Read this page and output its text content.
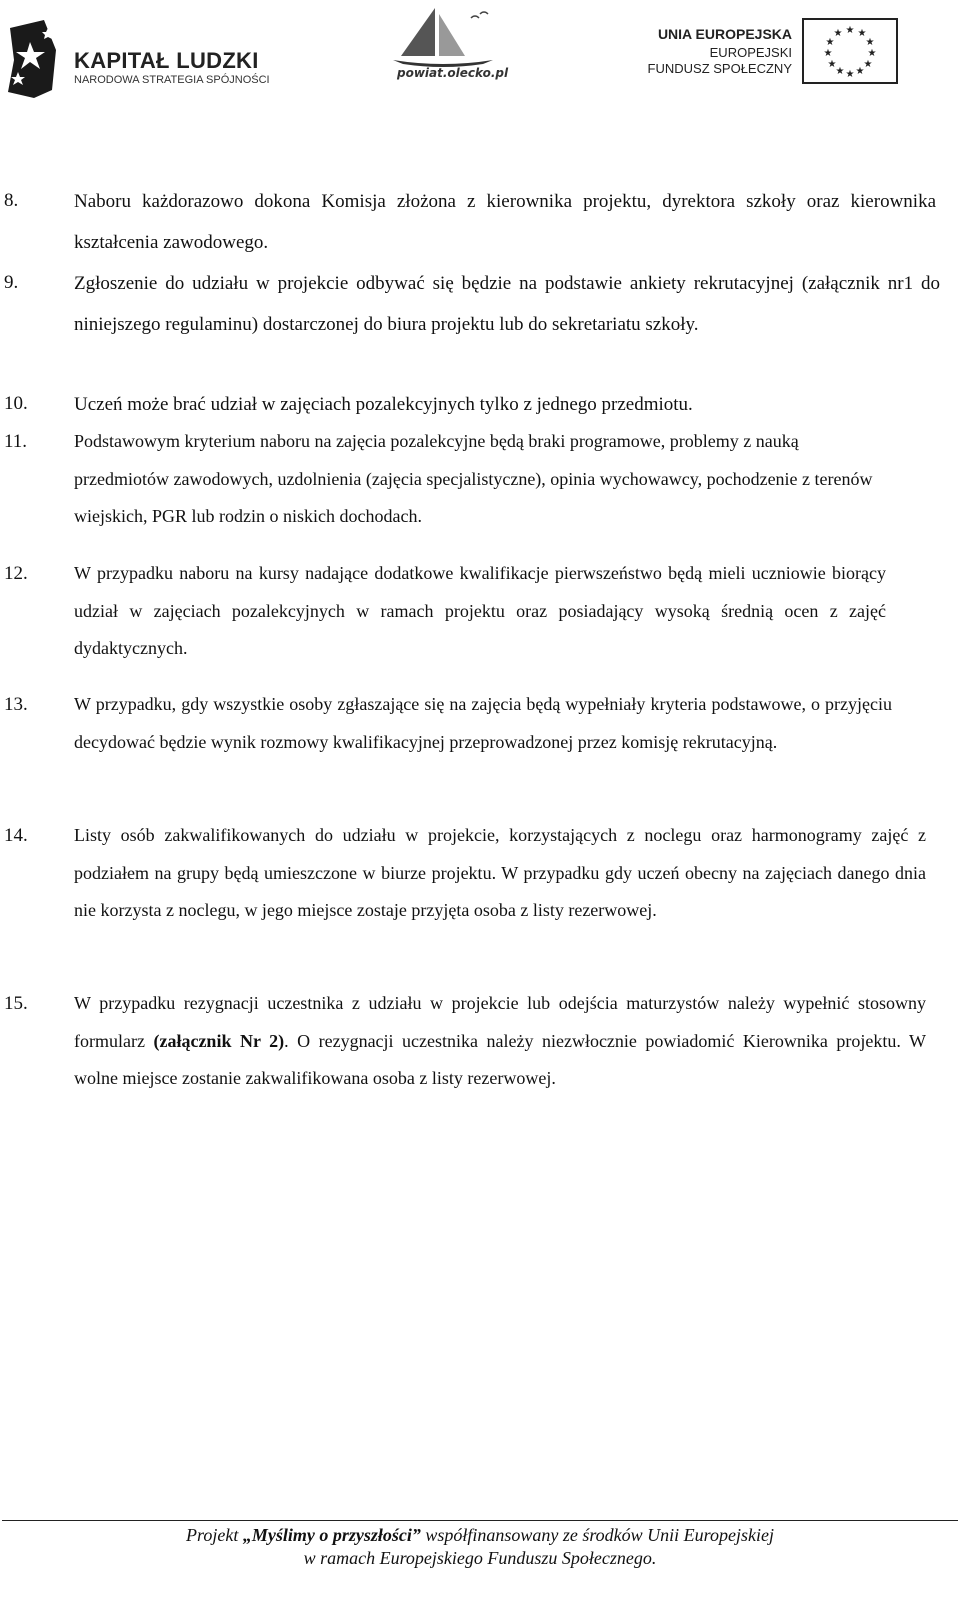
KAPITAŁ LUDZKI
NARODOWA STRATEGIA SPÓJNOŚCI	powiat.olecko.pl
UNIA EUROPEJSKA
EUROPEJSKI
FUNDUSZ SPOŁECZNY
★ ★
★
★
★
★
★
★
★
★
★
★
8.	Naboru każdorazowo dokona Komisja złożona z kierownika projektu, dyrektora szkoły oraz kierownika kształcenia zawodowego.

9.	Zgłoszenie do udziału w projekcie odbywać się będzie na podstawie ankiety rekrutacyjnej (załącznik nr1 do niniejszego regulaminu) dostarczonej do biura projektu lub do sekretariatu szkoły.

10. Uczeń może brać udział w zajęciach pozalekcyjnych tylko z jednego przedmiotu.

11.	Podstawowym kryterium naboru na zajęcia pozalekcyjne będą braki programowe, problemy z nauką przedmiotów zawodowych, uzdolnienia (zajęcia specjalistyczne), opinia wychowawcy, pochodzenie z terenów wiejskich, PGR lub rodzin o niskich dochodach.

12.	W przypadku naboru na kursy nadające dodatkowe kwalifikacje pierwszeństwo będą mieli uczniowie biorący udział w zajęciach pozalekcyjnych w ramach projektu oraz posiadający wysoką średnią ocen z zajęć dydaktycznych.

13.	W przypadku, gdy wszystkie osoby zgłaszające się na zajęcia będą wypełniały kryteria podstawowe, o przyjęciu decydować będzie wynik rozmowy kwalifikacyjnej przeprowadzonej przez komisję rekrutacyjną.

14.	Listy osób zakwalifikowanych do udziału w projekcie, korzystających z noclegu oraz harmonogramy zajęć z podziałem na grupy będą umieszczone w biurze projektu. W przypadku gdy uczeń obecny na zajęciach danego dnia nie korzysta z noclegu, w jego miejsce zostaje przyjęta osoba z listy rezerwowej.

15.	W przypadku rezygnacji uczestnika z udziału w projekcie lub odejścia maturzystów należy wypełnić stosowny formularz (załącznik Nr 2). O rezygnacji uczestnika należy niezwłocznie powiadomić Kierownika projektu. W wolne miejsce zostanie zakwalifikowana osoba z listy rezerwowej.

Projekt „Myślimy o przyszłości” współfinansowany ze środków Unii Europejskiej
w ramach Europejskiego Funduszu Społecznego.
